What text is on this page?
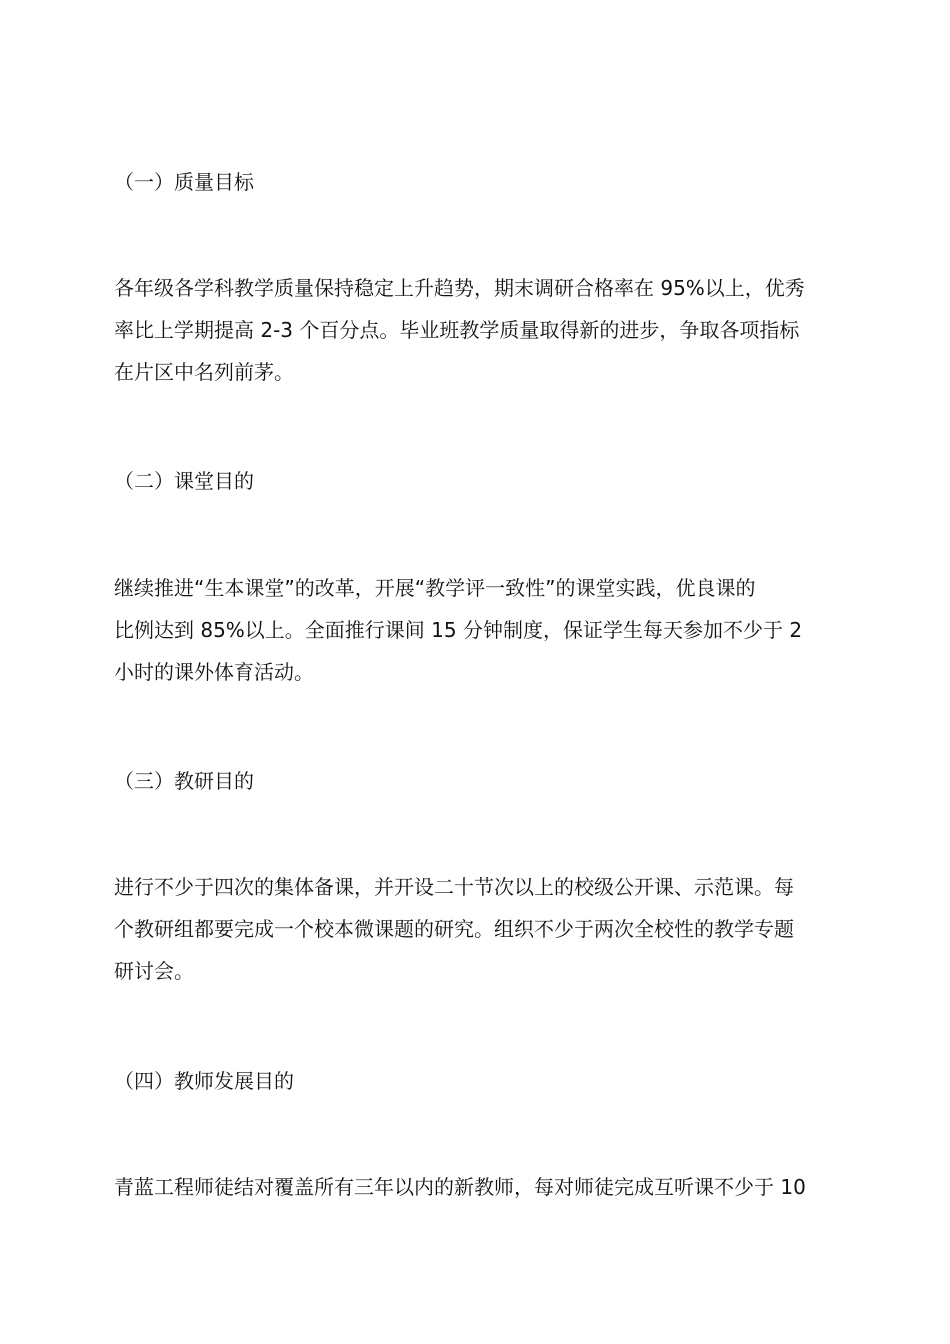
（一）质量目标
各年级各学科教学质量保持稳定上升趋势，期末调研合格率在 95%以上，优秀
率比上学期提高 2-3 个百分点。毕业班教学质量取得新的进步，争取各项指标
在片区中名列前茅。
（二）课堂目的
继续推进“生本课堂”的改革，开展“教学评一致性”的课堂实践，优良课的
比例达到 85%以上。全面推行课间 15 分钟制度，保证学生每天参加不少于 2
小时的课外体育活动。
（三）教研目的
进行不少于四次的集体备课，并开设二十节次以上的校级公开课、示范课。每
个教研组都要完成一个校本微课题的研究。组织不少于两次全校性的教学专题
研讨会。
（四）教师发展目的
青蓝工程师徒结对覆盖所有三年以内的新教师，每对师徒完成互听课不少于 10
